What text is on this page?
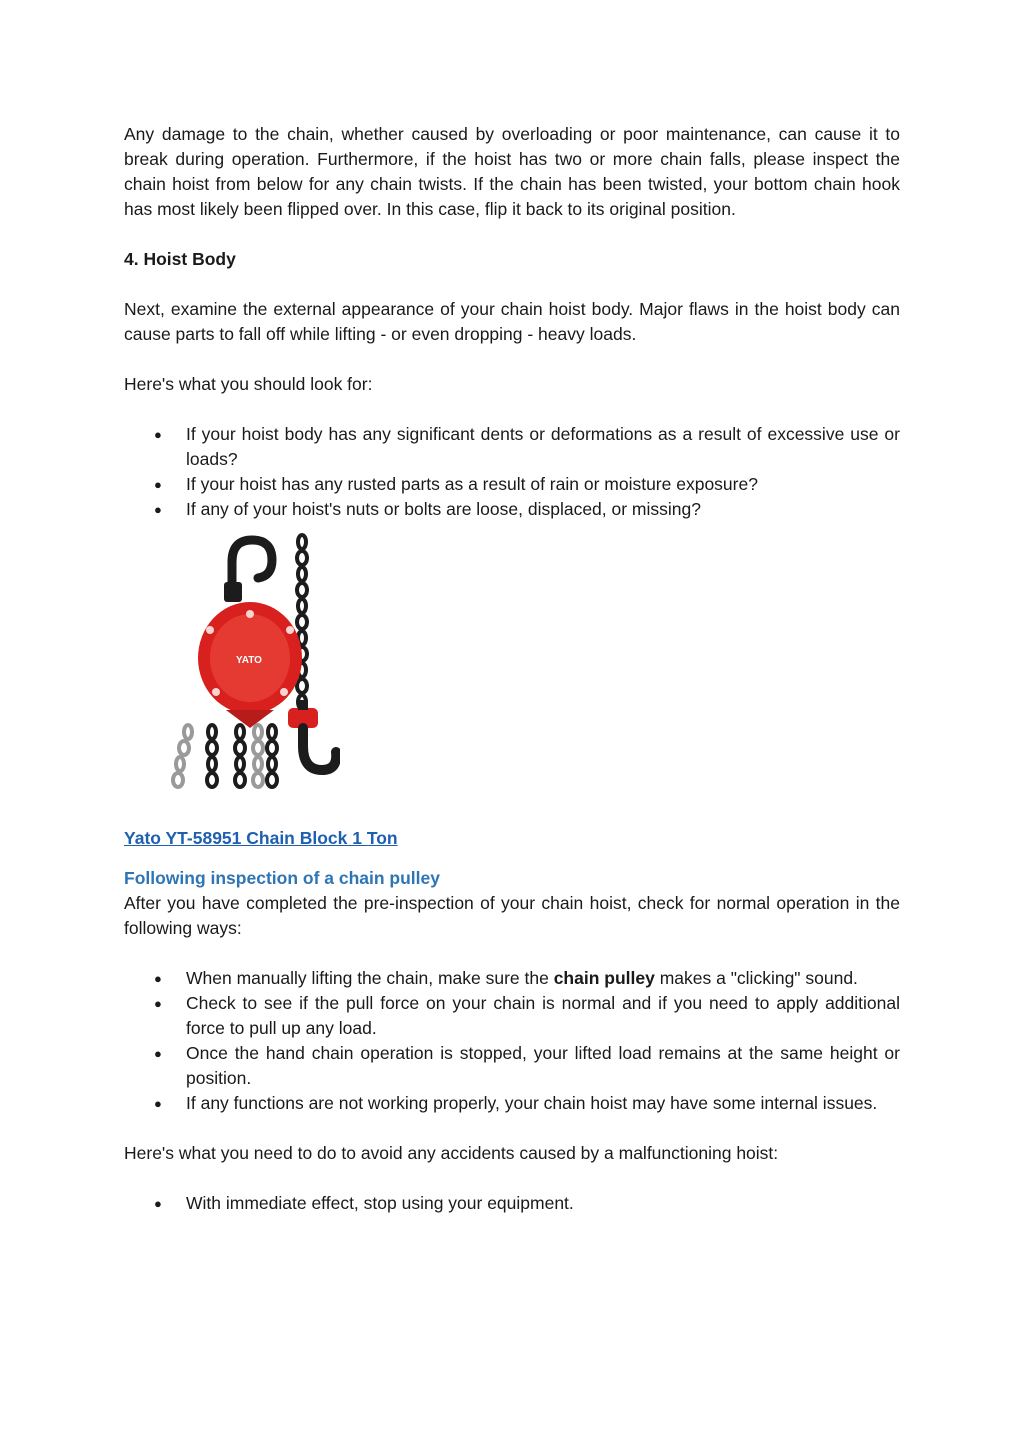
Any damage to the chain, whether caused by overloading or poor maintenance, can cause it to break during operation. Furthermore, if the hoist has two or more chain falls, please inspect the chain hoist from below for any chain twists. If the chain has been twisted, your bottom chain hook has most likely been flipped over. In this case, flip it back to its original position.

4. Hoist Body

Next, examine the external appearance of your chain hoist body. Major flaws in the hoist body can cause parts to fall off while lifting - or even dropping - heavy loads.

Here's what you should look for:

● If your hoist body has any significant dents or deformations as a result of excessive use or loads?
● If your hoist has any rusted parts as a result of rain or moisture exposure?
● If any of your hoist's nuts or bolts are loose, displaced, or missing?
YATO

Yato YT-58951 Chain Block 1 Ton

Following inspection of a chain pulley

After you have completed the pre-inspection of your chain hoist, check for normal operation in the following ways:

● When manually lifting the chain, make sure the chain pulley makes a "clicking" sound.
● Check to see if the pull force on your chain is normal and if you need to apply additional force to pull up any load.
● Once the hand chain operation is stopped, your lifted load remains at the same height or position.
● If any functions are not working properly, your chain hoist may have some internal issues.

Here's what you need to do to avoid any accidents caused by a malfunctioning hoist:

● With immediate effect, stop using your equipment.
